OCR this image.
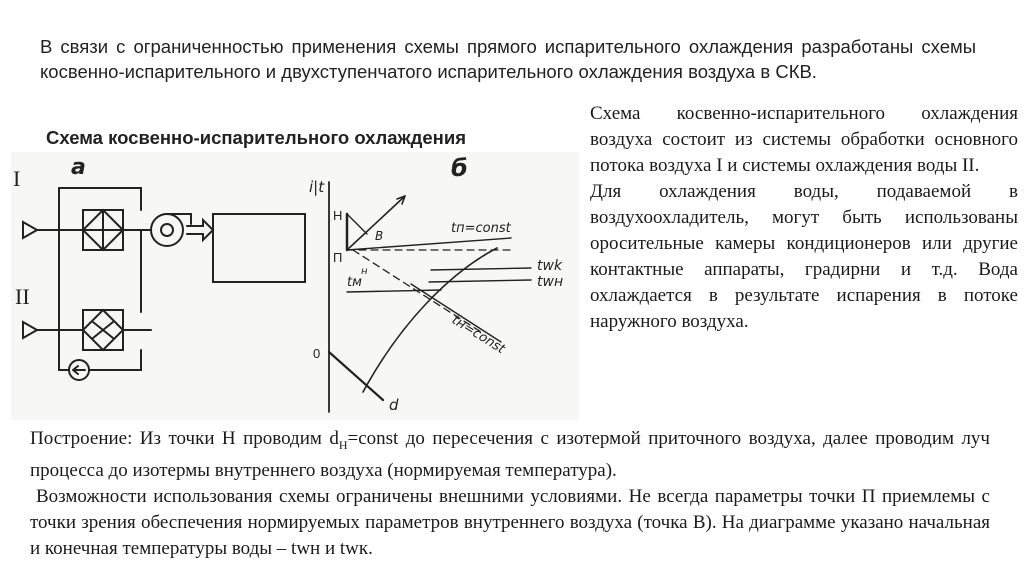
В связи с ограниченностью применения схемы прямого испарительного охлаждения разработаны схемы косвенно-испарительного и двухступенчатого испарительного охлаждения воздуха в СКВ.
Схема косвенно-испарительного охлаждения
а	б
I
II
i|t
Н
П
В
0
d
tп=const
twk
twн
tм
н
tн=const

Схема косвенно-испарительного охлаждения воздуха состоит из системы обработки основного потока воздуха I и системы охлаждения воды II.

Для охлаждения воды, подаваемой в воздухоохладитель, могут быть использованы оросительные камеры кондиционеров или другие контактные аппараты, градирни и т.д. Вода охлаждается в результате испарения в потоке наружного воздуха.

Построение: Из точки Н проводим $d_H=const$ до пересечения с изотермой приточного воздуха, далее проводим луч процесса до изотермы внутреннего воздуха (нормируемая температура).

Возможности использования схемы ограничены внешними условиями. Не всегда параметры точки П приемлемы с точки зрения обеспечения нормируемых параметров внутреннего воздуха (точка В). На диаграмме указано начальная и конечная температуры воды – twн и twк.
